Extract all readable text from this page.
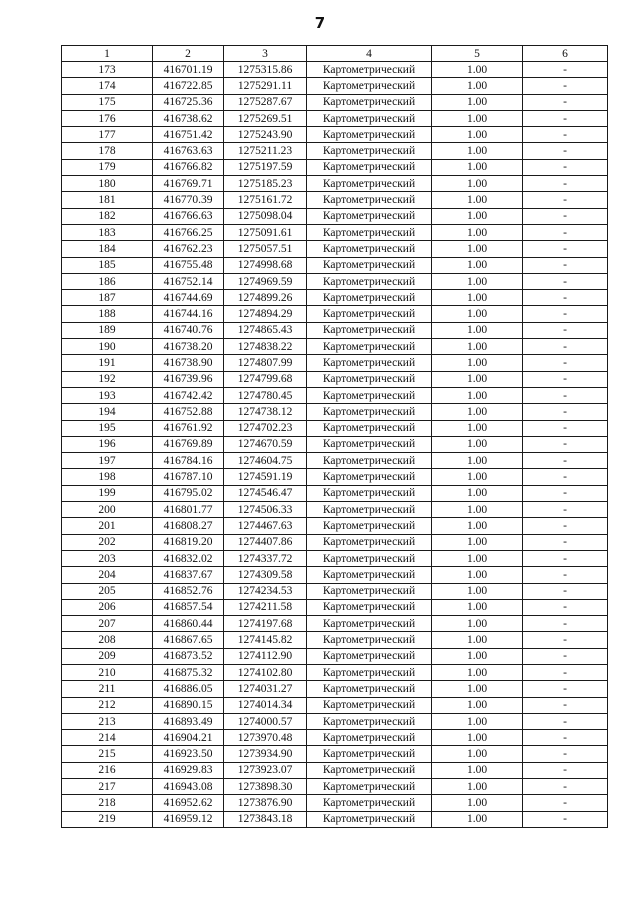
7
1	2	3	4	5	6
173	416701.19	1275315.86	Картометрический	1.00	-
174	416722.85	1275291.11	Картометрический	1.00	-
175	416725.36	1275287.67	Картометрический	1.00	-
176	416738.62	1275269.51	Картометрический	1.00	-
177	416751.42	1275243.90	Картометрический	1.00	-
178	416763.63	1275211.23	Картометрический	1.00	-
179	416766.82	1275197.59	Картометрический	1.00	-
180	416769.71	1275185.23	Картометрический	1.00	-
181	416770.39	1275161.72	Картометрический	1.00	-
182	416766.63	1275098.04	Картометрический	1.00	-
183	416766.25	1275091.61	Картометрический	1.00	-
184	416762.23	1275057.51	Картометрический	1.00	-
185	416755.48	1274998.68	Картометрический	1.00	-
186	416752.14	1274969.59	Картометрический	1.00	-
187	416744.69	1274899.26	Картометрический	1.00	-
188	416744.16	1274894.29	Картометрический	1.00	-
189	416740.76	1274865.43	Картометрический	1.00	-
190	416738.20	1274838.22	Картометрический	1.00	-
191	416738.90	1274807.99	Картометрический	1.00	-
192	416739.96	1274799.68	Картометрический	1.00	-
193	416742.42	1274780.45	Картометрический	1.00	-
194	416752.88	1274738.12	Картометрический	1.00	-
195	416761.92	1274702.23	Картометрический	1.00	-
196	416769.89	1274670.59	Картометрический	1.00	-
197	416784.16	1274604.75	Картометрический	1.00	-
198	416787.10	1274591.19	Картометрический	1.00	-
199	416795.02	1274546.47	Картометрический	1.00	-
200	416801.77	1274506.33	Картометрический	1.00	-
201	416808.27	1274467.63	Картометрический	1.00	-
202	416819.20	1274407.86	Картометрический	1.00	-
203	416832.02	1274337.72	Картометрический	1.00	-
204	416837.67	1274309.58	Картометрический	1.00	-
205	416852.76	1274234.53	Картометрический	1.00	-
206	416857.54	1274211.58	Картометрический	1.00	-
207	416860.44	1274197.68	Картометрический	1.00	-
208	416867.65	1274145.82	Картометрический	1.00	-
209	416873.52	1274112.90	Картометрический	1.00	-
210	416875.32	1274102.80	Картометрический	1.00	-
211	416886.05	1274031.27	Картометрический	1.00	-
212	416890.15	1274014.34	Картометрический	1.00	-
213	416893.49	1274000.57	Картометрический	1.00	-
214	416904.21	1273970.48	Картометрический	1.00	-
215	416923.50	1273934.90	Картометрический	1.00	-
216	416929.83	1273923.07	Картометрический	1.00	-
217	416943.08	1273898.30	Картометрический	1.00	-
218	416952.62	1273876.90	Картометрический	1.00	-
219	416959.12	1273843.18	Картометрический	1.00	-
